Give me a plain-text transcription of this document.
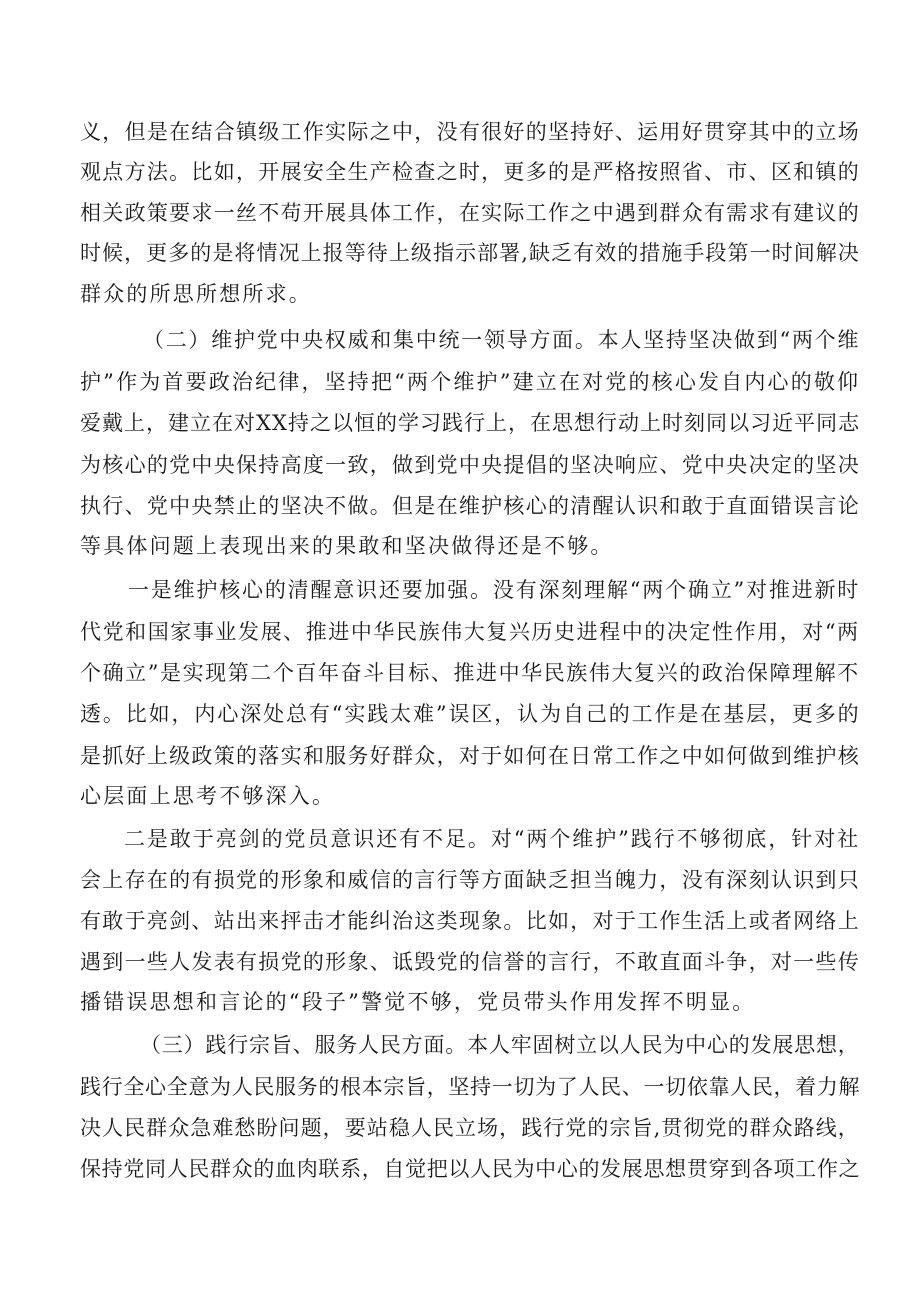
义，但是在结合镇级工作实际之中，没有很好的坚持好、运用好贯穿其中的立场
观点方法。比如，开展安全生产检查之时，更多的是严格按照省、市、区和镇的
相关政策要求一丝不苟开展具体工作，在实际工作之中遇到群众有需求有建议的
时候，更多的是将情况上报等待上级指示部署,缺乏有效的措施手段第一时间解决
群众的所思所想所求。
（二）维护党中央权威和集中统一领导方面。本人坚持坚决做到“两个维
护”作为首要政治纪律，坚持把“两个维护”建立在对党的核心发自内心的敬仰
爱戴上，建立在对XX持之以恒的学习践行上，在思想行动上时刻同以习近平同志
为核心的党中央保持高度一致，做到党中央提倡的坚决响应、党中央决定的坚决
执行、党中央禁止的坚决不做。但是在维护核心的清醒认识和敢于直面错误言论
等具体问题上表现出来的果敢和坚决做得还是不够。
一是维护核心的清醒意识还要加强。没有深刻理解“两个确立”对推进新时
代党和国家事业发展、推进中华民族伟大复兴历史进程中的决定性作用，对“两
个确立”是实现第二个百年奋斗目标、推进中华民族伟大复兴的政治保障理解不
透。比如，内心深处总有“实践太难”误区，认为自己的工作是在基层，更多的
是抓好上级政策的落实和服务好群众，对于如何在日常工作之中如何做到维护核
心层面上思考不够深入。
二是敢于亮剑的党员意识还有不足。对“两个维护”践行不够彻底，针对社
会上存在的有损党的形象和威信的言行等方面缺乏担当魄力，没有深刻认识到只
有敢于亮剑、站出来抨击才能纠治这类现象。比如，对于工作生活上或者网络上
遇到一些人发表有损党的形象、诋毁党的信誉的言行，不敢直面斗争，对一些传
播错误思想和言论的“段子”警觉不够，党员带头作用发挥不明显。
（三）践行宗旨、服务人民方面。本人牢固树立以人民为中心的发展思想，
践行全心全意为人民服务的根本宗旨，坚持一切为了人民、一切依靠人民，着力解
决人民群众急难愁盼问题，要站稳人民立场，践行党的宗旨,贯彻党的群众路线，
保持党同人民群众的血肉联系，自觉把以人民为中心的发展思想贯穿到各项工作之
